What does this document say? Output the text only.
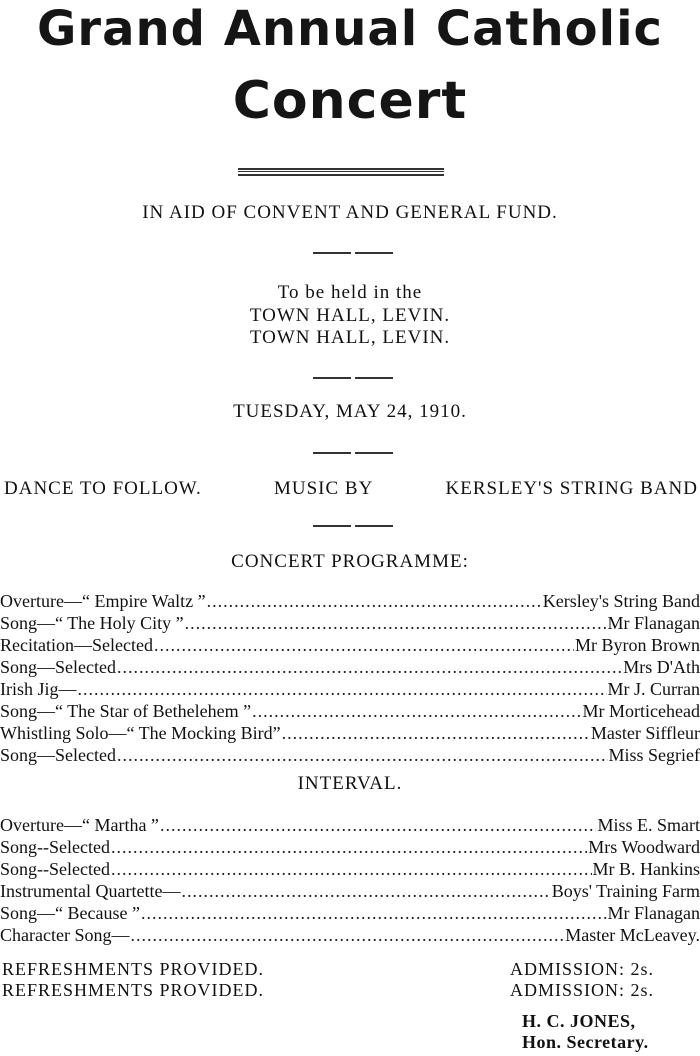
Grand Annual Catholic
Concert
IN AID OF CONVENT AND GENERAL FUND.
To be held in the
TOWN HALL, LEVIN.
TOWN HALL, LEVIN.
TUESDAY, MAY 24, 1910.
DANCE TO FOLLOW.	MUSIC BY	KERSLEY'S STRING BAND
CONCERT PROGRAMME:
Overture—“ Empire Waltz ” .....	Kersley's String Band
Song—“ The Holy City ” .....	Mr Flanagan
Recitation—Selected .....	Mr Byron Brown
Song—Selected .....	Mrs D'Ath
Irish Jig— .....	Mr J. Curran
Song—“ The Star of Bethelehem ” .....	Mr Morticehead
Whistling Solo—“ The Mocking Bird” .....	Master Siffleur
Song—Selected .....	Miss Segrief
INTERVAL.
Overture—“ Martha ” .....	Miss E. Smart
Song--Selected .....	Mrs Woodward
Song--Selected .....	Mr B. Hankins
Instrumental Quartette— .....	Boys' Training Farm
Song—“ Because ” .....	Mr Flanagan
Character Song— .....	Master McLeavey.
REFRESHMENTS PROVIDED.	ADMISSION: 2s.
REFRESHMENTS PROVIDED.	ADMISSION: 2s.
H. C. JONES,
Hon. Secretary.
